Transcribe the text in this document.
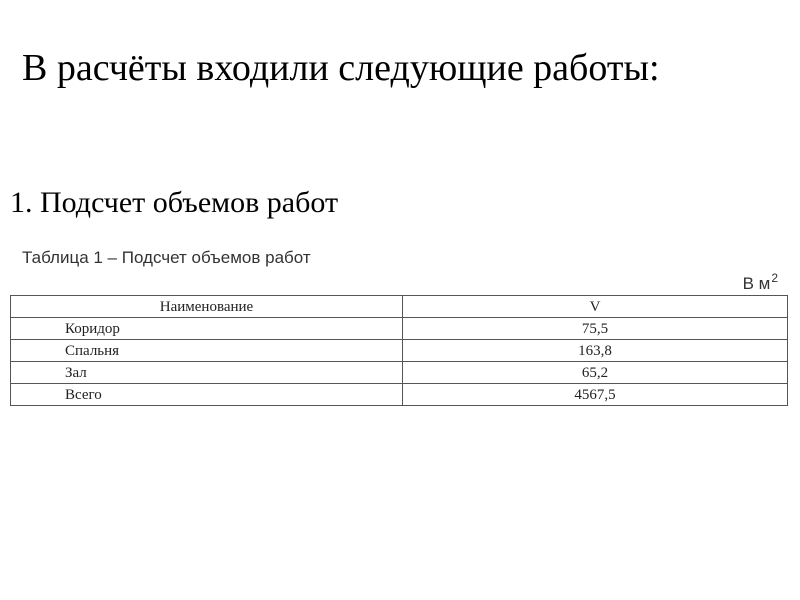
В расчёты входили следующие работы:
1. Подсчет объемов работ
Таблица 1 – Подсчет объемов работ
В $м^2$
Наименование	V
Коридор	75,5
Спальня	163,8
Зал	65,2
Всего	4567,5
